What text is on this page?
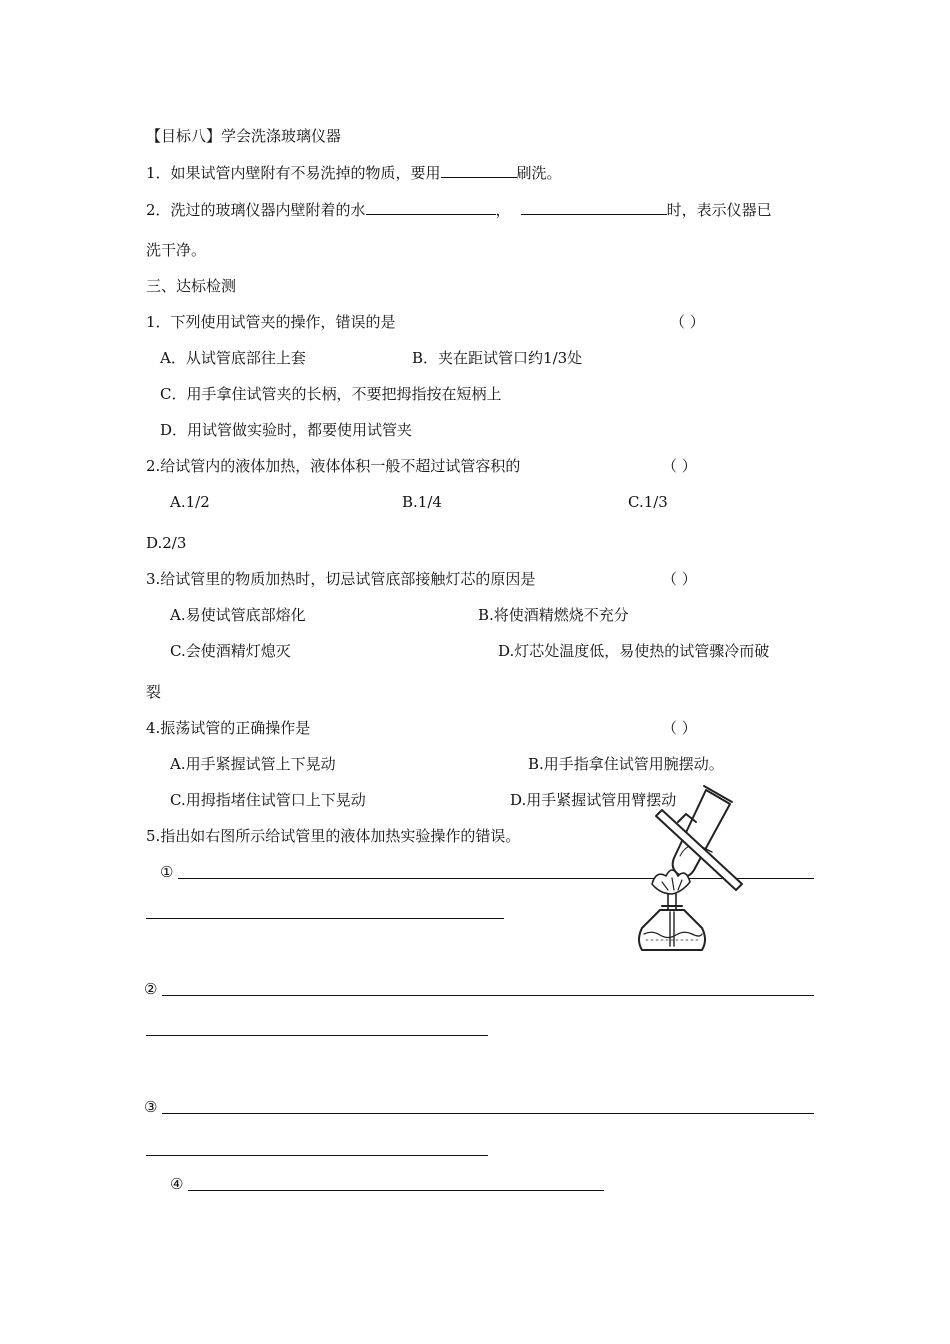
【目标八】学会洗涤玻璃仪器
1．如果试管内壁附有不易洗掉的物质，要用	刷洗。
2．洗过的玻璃仪器内壁附着的水	，	时，表示仪器已
洗干净。
三、达标检测
1．下列使用试管夹的操作，错误的是	（ ）
A．从试管底部往上套	B．夹在距试管口约1/3处
C．用手拿住试管夹的长柄，不要把拇指按在短柄上
D．用试管做实验时，都要使用试管夹
2.给试管内的液体加热，液体体积一般不超过试管容积的	（ ）
A.1/2	B.1/4	C.1/3
D.2/3
3.给试管里的物质加热时，切忌试管底部接触灯芯的原因是	（ ）
A.易使试管底部熔化	B.将使酒精燃烧不充分
C.会使酒精灯熄灭	D.灯芯处温度低，易使热的试管骤冷而破
裂
4.振荡试管的正确操作是	（ ）
A.用手紧握试管上下晃动	B.用手指拿住试管用腕摆动。
C.用拇指堵住试管口上下晃动	D.用手紧握试管用臂摆动
5.指出如右图所示给试管里的液体加热实验操作的错误。
①
②
③
④
